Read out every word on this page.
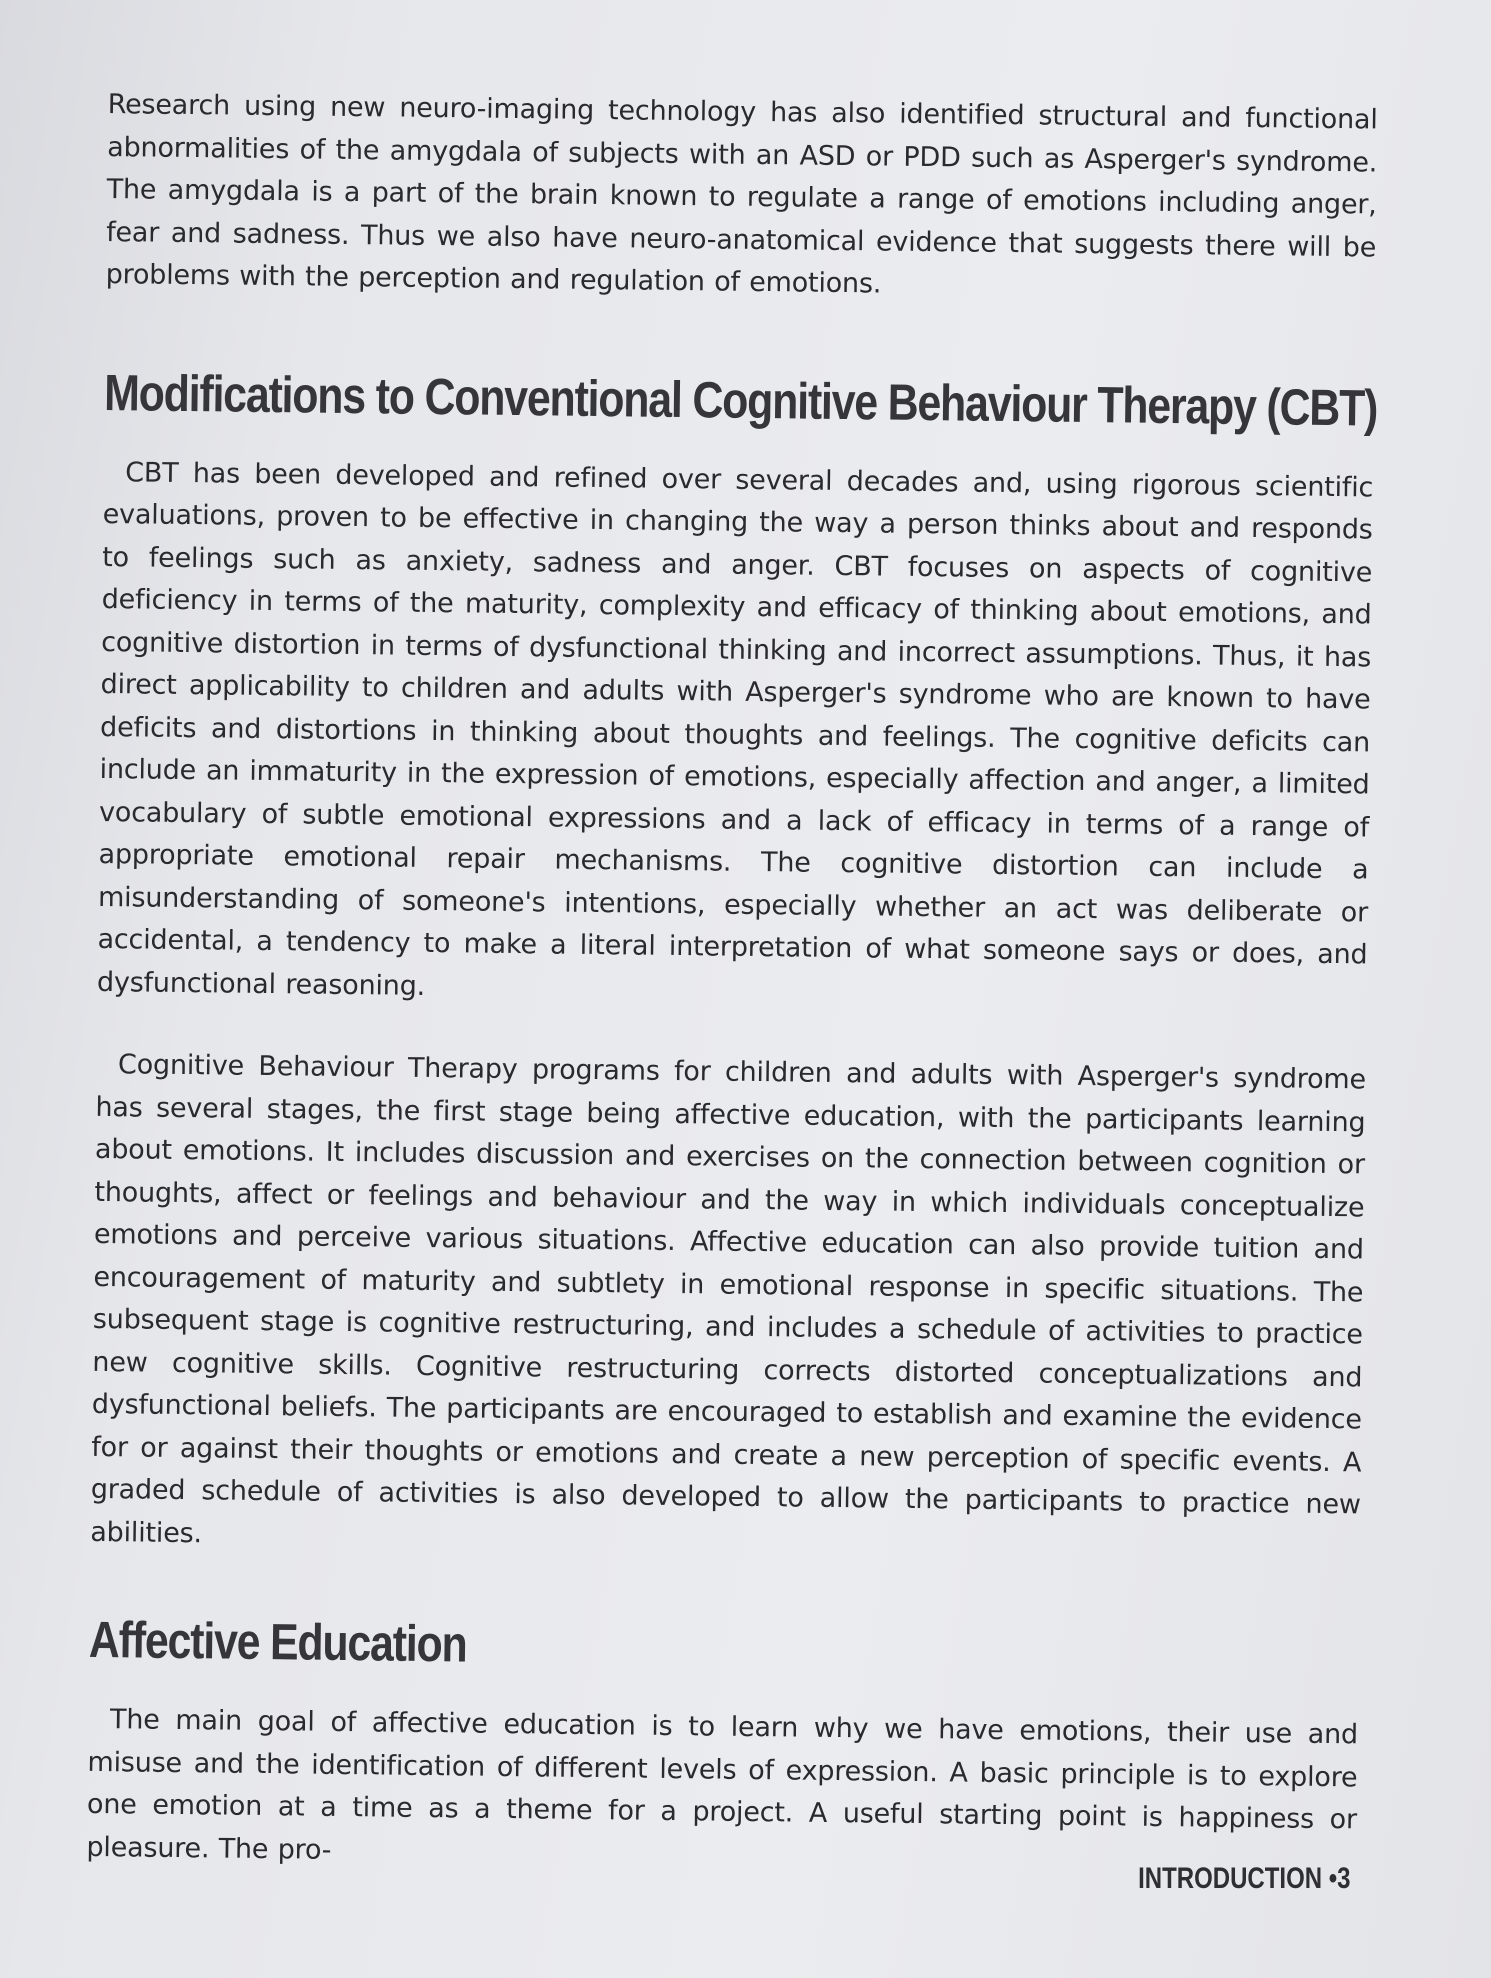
Research using new neuro-imaging technology has also identified structural and functional abnormalities of the amygdala of subjects with an ASD or PDD such as Asperger's syndrome. The amygdala is a part of the brain known to regulate a range of emotions including anger, fear and sadness. Thus we also have neuro-anatomical evidence that suggests there will be problems with the perception and regulation of emotions.

Modifications to Conventional Cognitive Behaviour Therapy (CBT)

CBT has been developed and refined over several decades and, using rigorous scientific evaluations, proven to be effective in changing the way a person thinks about and responds to feelings such as anxiety, sadness and anger. CBT focuses on aspects of cognitive deficiency in terms of the maturity, complexity and efficacy of thinking about emotions, and cognitive distortion in terms of dysfunctional thinking and incorrect assumptions. Thus, it has direct applicability to children and adults with Asperger's syndrome who are known to have deficits and distortions in thinking about thoughts and feelings. The cognitive deficits can include an immaturity in the expression of emotions, especially affection and anger, a limited vocabulary of subtle emotional expressions and a lack of efficacy in terms of a range of appropriate emotional repair mechanisms. The cognitive distortion can include a misunderstanding of someone's intentions, especially whether an act was deliberate or accidental, a tendency to make a literal interpretation of what someone says or does, and dysfunctional reasoning.

Cognitive Behaviour Therapy programs for children and adults with Asperger's syndrome has several stages, the first stage being affective education, with the participants learning about emotions. It includes discussion and exercises on the connection between cognition or thoughts, affect or feelings and behaviour and the way in which individuals conceptualize emotions and perceive various situations. Affective education can also provide tuition and encouragement of maturity and subtlety in emotional response in specific situations. The subsequent stage is cognitive restructuring, and includes a schedule of activities to practice new cognitive skills. Cognitive restructuring corrects distorted conceptualizations and dysfunctional beliefs. The participants are encouraged to establish and examine the evidence for or against their thoughts or emotions and create a new perception of specific events. A graded schedule of activities is also developed to allow the participants to practice new abilities.

Affective Education

The main goal of affective education is to learn why we have emotions, their use and misuse and the identification of different levels of expression. A basic principle is to explore one emotion at a time as a theme for a project. A useful starting point is happiness or pleasure. The pro-

INTRODUCTION •3
